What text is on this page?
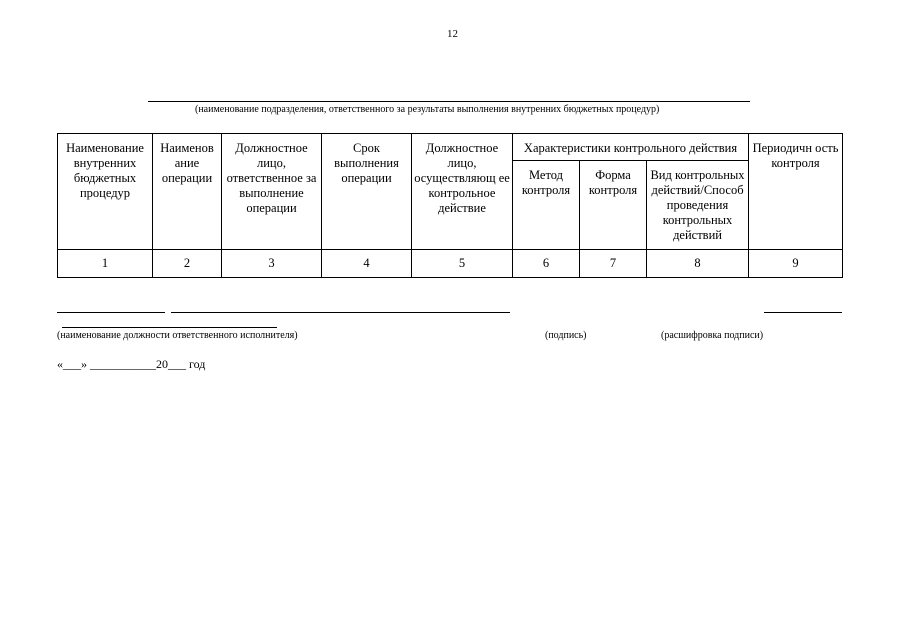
12
(наименование подразделения, ответственного за результаты выполнения внутренних бюджетных процедур)
Наименование внутренних бюджетных процедур	Наименов ание операции	Должностное лицо, ответственное за выполнение операции	Срок выполнения операции	Должностное лицо, осуществляющ ее контрольное действие	Характеристики контрольного действия			Периодичн ость контроля
					Метод контроля	Форма контроля	Вид контрольных действий/Способ проведения контрольных действий	
1	2	3	4	5	6	7	8	9
(наименование должности ответственного исполнителя)	(подпись)	(расшифровка подписи)
«___» ___________20___ год
